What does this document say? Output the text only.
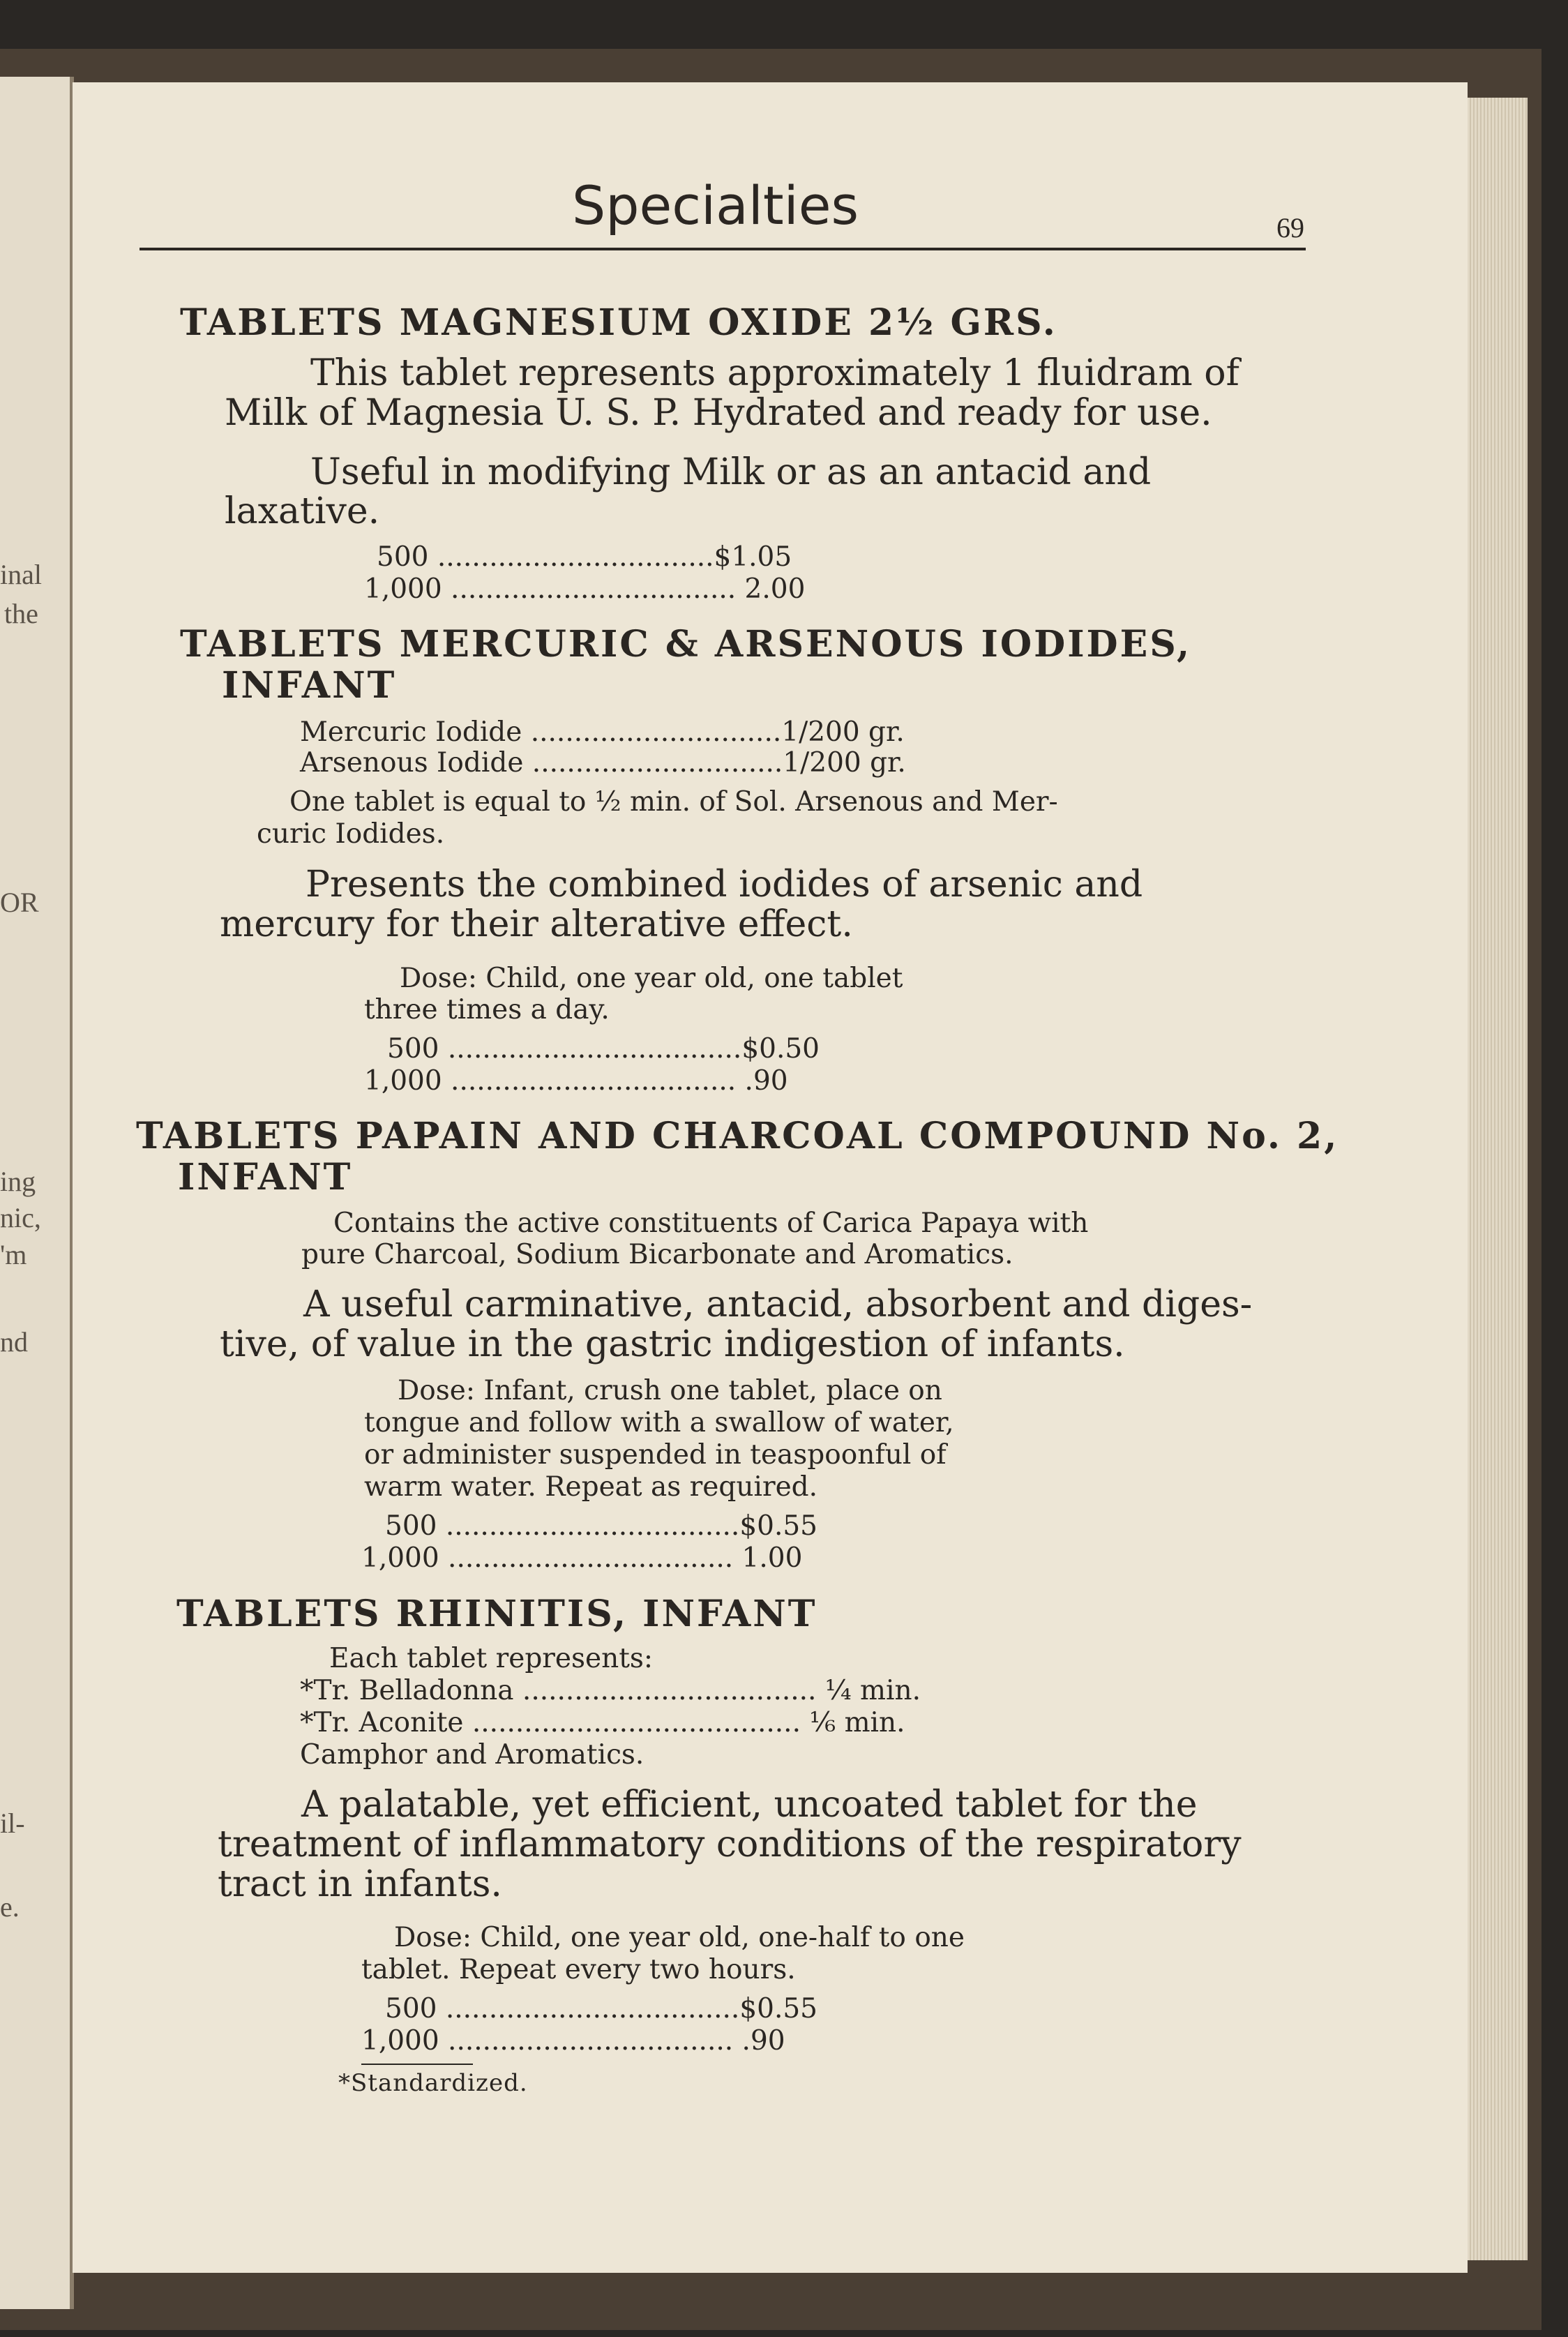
inal
the
OR
ing
nic,
'm
nd
il-
e.
Specialties	69
TABLETS MAGNESIUM OXIDE 2½ GRS.
This tablet represents approximately 1 fluidram of
Milk of Magnesia U. S. P. Hydrated and ready for use.
Useful in modifying Milk or as an antacid and
laxative.
500 ................................$1.05
1,000 ................................. 2.00
TABLETS MERCURIC & ARSENOUS IODIDES,
INFANT
Mercuric Iodide .............................1/200 gr.
Arsenous Iodide .............................1/200 gr.
One tablet is equal to ½ min. of Sol. Arsenous and Mer-
curic Iodides.
Presents the combined iodides of arsenic and
mercury for their alterative effect.
Dose: Child, one year old, one tablet
three times a day.
500 ..................................$0.50
1,000 ................................. .90
TABLETS PAPAIN AND CHARCOAL COMPOUND No. 2,
INFANT
Contains the active constituents of Carica Papaya with
pure Charcoal, Sodium Bicarbonate and Aromatics.
A useful carminative, antacid, absorbent and diges-
tive, of value in the gastric indigestion of infants.
Dose: Infant, crush one tablet, place on
tongue and follow with a swallow of water,
or administer suspended in teaspoonful of
warm water. Repeat as required.
500 ..................................$0.55
1,000 ................................. 1.00
TABLETS RHINITIS, INFANT
Each tablet represents:
*Tr. Belladonna .................................. ¼ min.
*Tr. Aconite ...................................... ⅙ min.
Camphor and Aromatics.
A palatable, yet efficient, uncoated tablet for the
treatment of inflammatory conditions of the respiratory
tract in infants.
Dose: Child, one year old, one-half to one
tablet. Repeat every two hours.
500 ..................................$0.55
1,000 ................................. .90
*Standardized.
